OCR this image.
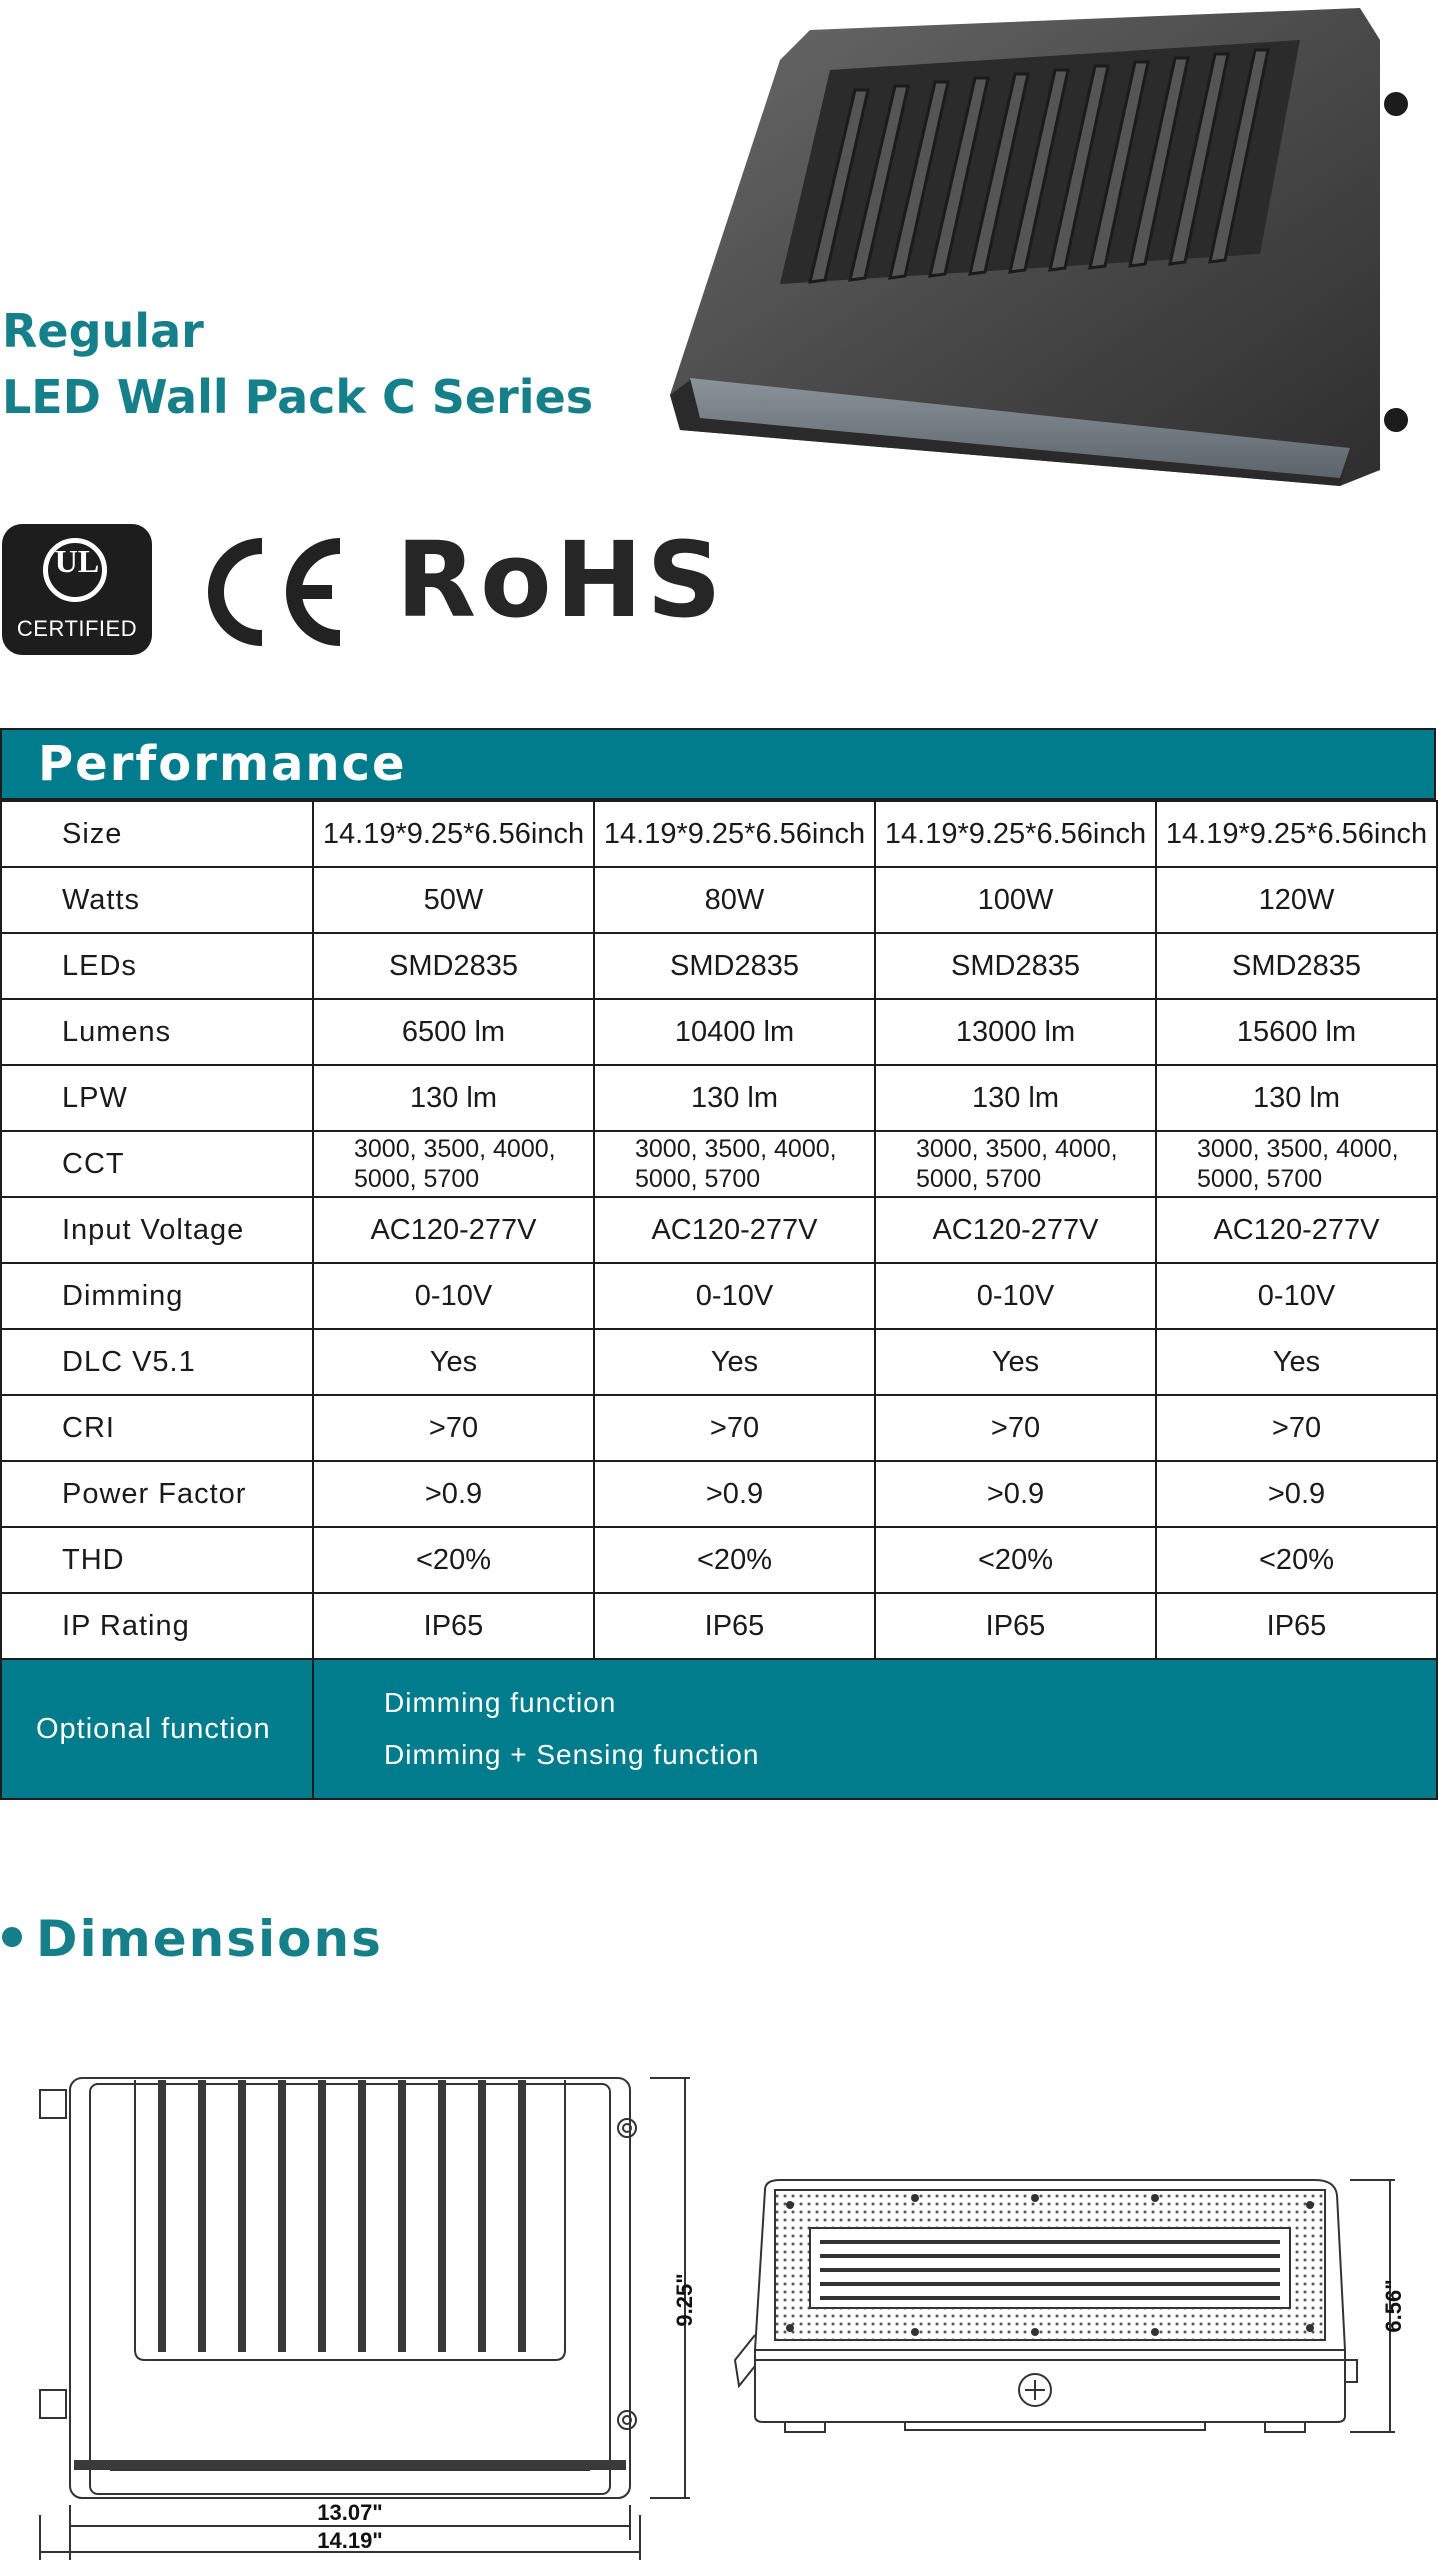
Regular
LED Wall Pack C Series
UL
CERTIFIED RoHS
Performance
Size	14.19*9.25*6.56inch	14.19*9.25*6.56inch	14.19*9.25*6.56inch	14.19*9.25*6.56inch
Watts	50W	80W	100W	120W
LEDs	SMD2835	SMD2835	SMD2835	SMD2835
Lumens	6500 lm	10400 lm	13000 lm	15600 lm
LPW	130 lm	130 lm	130 lm	130 lm
CCT	3000, 3500, 4000, 5000, 5700	3000, 3500, 4000, 5000, 5700	3000, 3500, 4000, 5000, 5700	3000, 3500, 4000, 5000, 5700
Input Voltage	AC120-277V	AC120-277V	AC120-277V	AC120-277V
Dimming	0-10V	0-10V	0-10V	0-10V
DLC V5.1	Yes	Yes	Yes	Yes
CRI	>70	>70	>70	>70
Power Factor	>0.9	>0.9	>0.9	>0.9
THD	<20%	<20%	<20%	<20%
IP Rating	IP65	IP65	IP65	IP65
Optional function	Dimming function
Dimming + Sensing function			
Dimensions
9.25"
13.07"
14.19"
6.56"
